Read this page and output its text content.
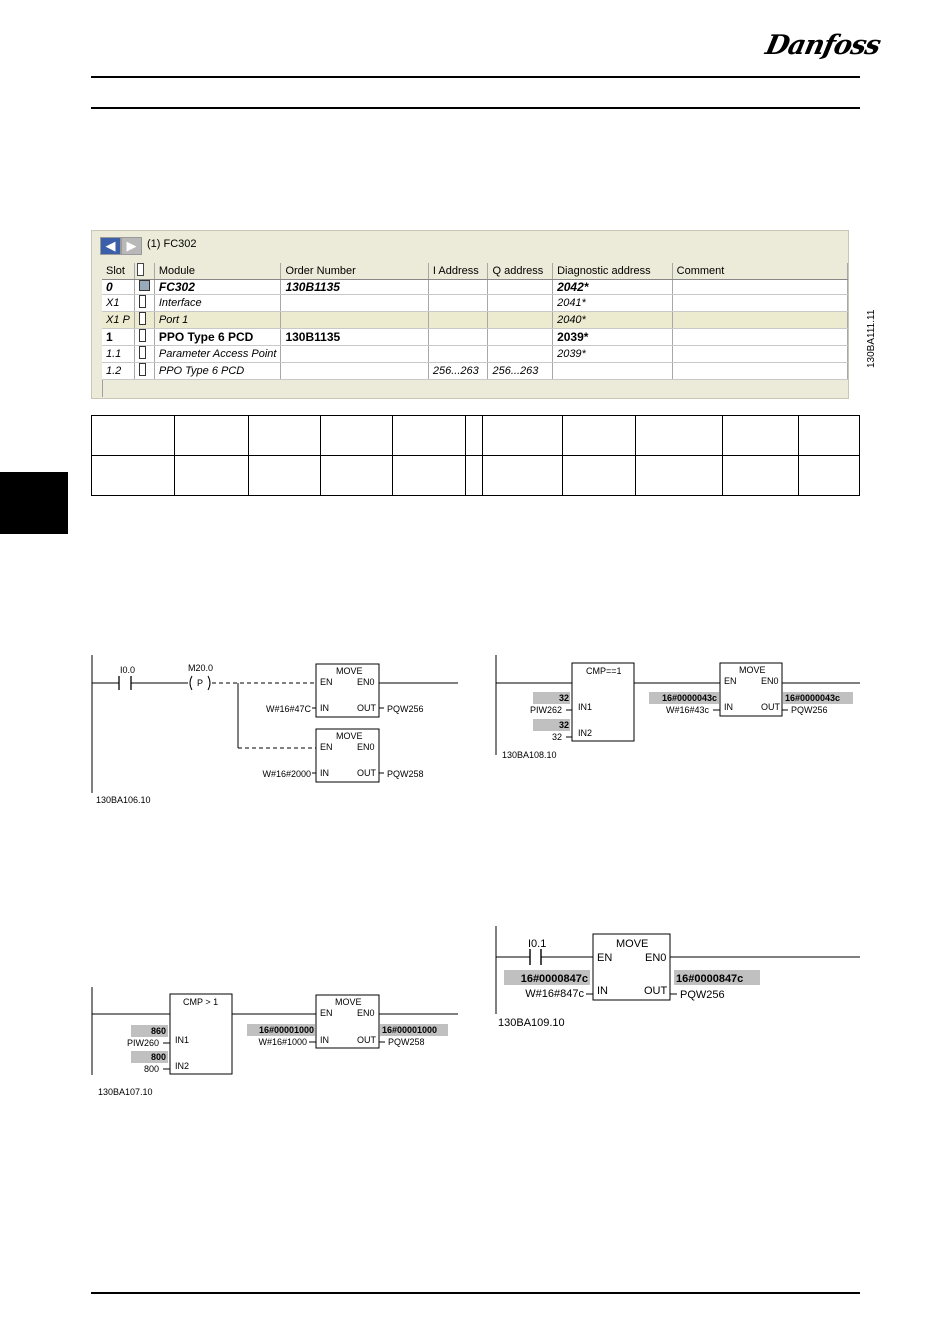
Danfoss
◀ ▶ (1) FC302
Slot		Module	Order Number	I Address	Q address	Diagnostic address	Comment
0		FC302	130B1135			2042*	
X1		Interface				2041*	
X1 P		Port 1				2040*	
1		PPO Type 6 PCD	130B1135			2039*	
1.1		Parameter Access Point				2039*	
1.2		PPO Type 6 PCD		256...263	256...263		
130BA111.11

I0.0	M20.0
P
MOVE
EN	EN0
IN	OUT
W#16#47C	PQW256
MOVE
EN	EN0
IN	OUT
W#16#2000	PQW258
130BA106.10
CMP==1
IN1
IN2
32
PIW262
32
32
MOVE
EN	EN0
IN	OUT
16#0000043c
W#16#43c
16#0000043c
PQW256
130BA108.10
CMP > 1
IN1
IN2
860
PIW260
800
800
MOVE
EN	EN0
IN	OUT
16#00001000
W#16#1000
16#00001000
PQW258
130BA107.10
I0.1	MOVE
EN	EN0
IN	OUT
16#0000847c
W#16#847c
16#0000847c
PQW256
130BA109.10
